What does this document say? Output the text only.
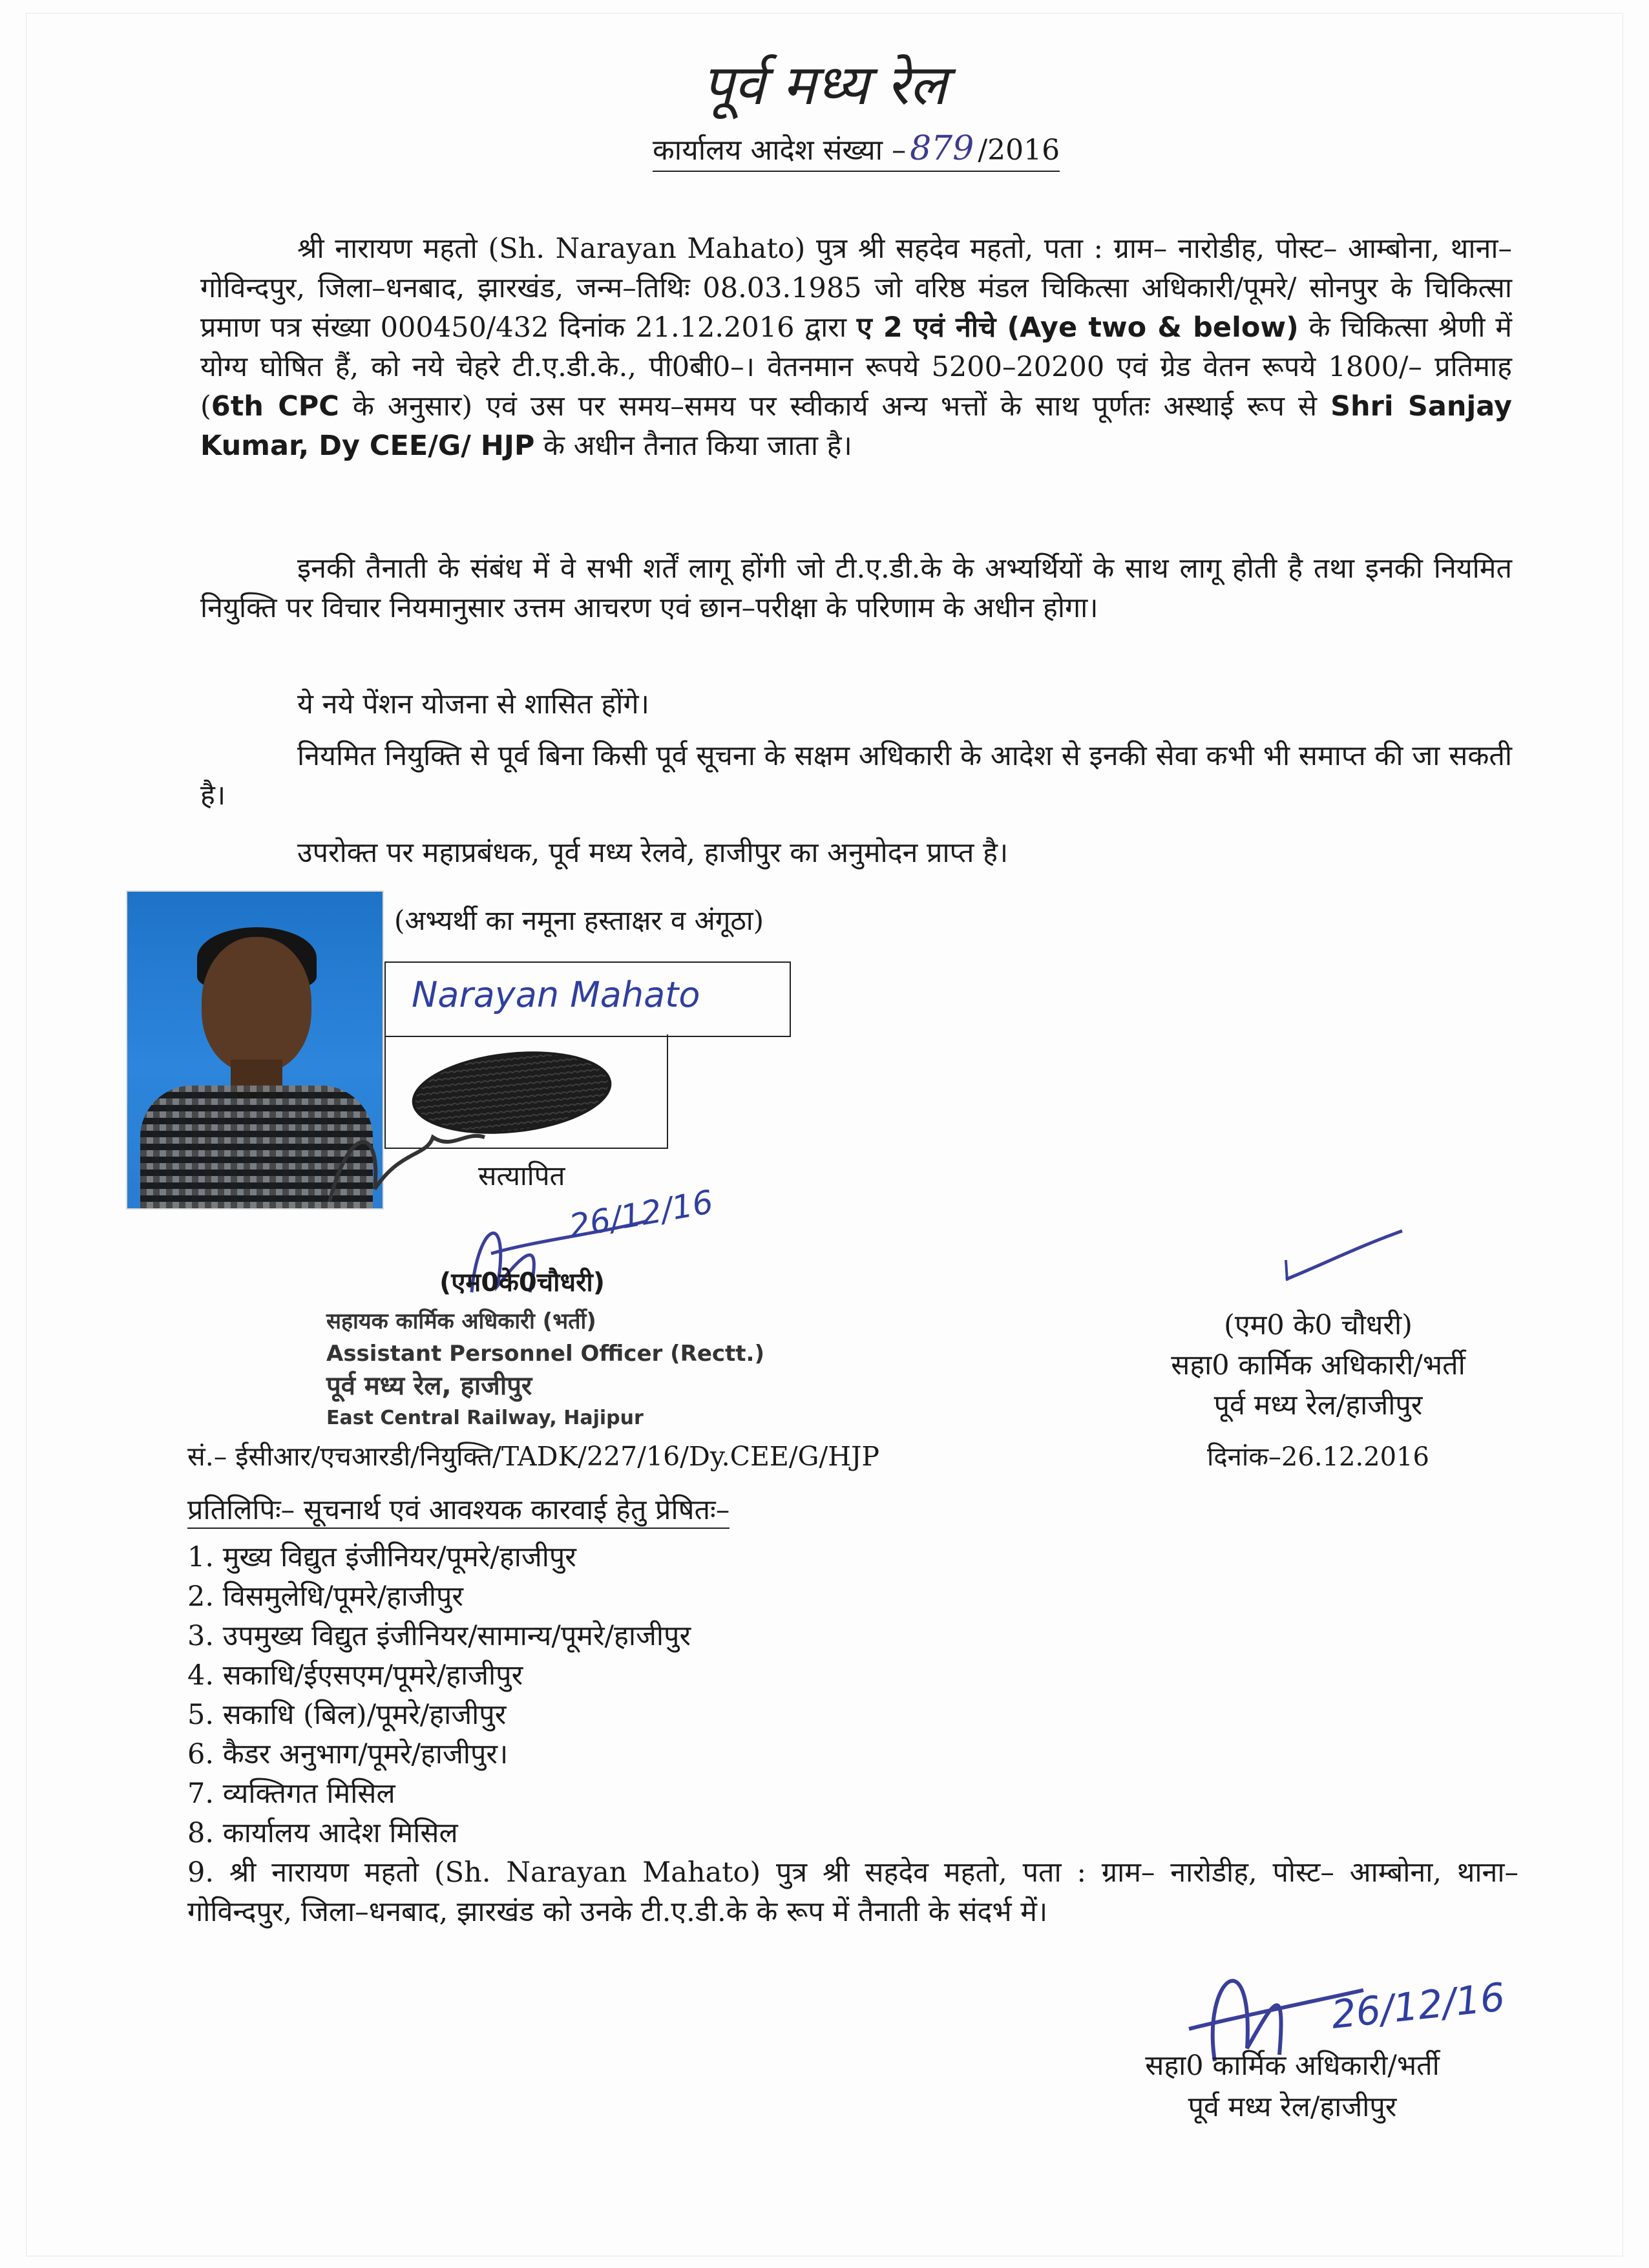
पूर्व मध्य रेल
कार्यालय आदेश संख्या – 879 /2016

श्री नारायण महतो (Sh. Narayan Mahato) पुत्र श्री सहदेव महतो, पता : ग्राम– नारोडीह, पोस्ट– आम्बोना, थाना– गोविन्दपुर, जिला–धनबाद, झारखंड, जन्म–तिथिः 08.03.1985 जो वरिष्ठ मंडल चिकित्सा अधिकारी/पूमरे/ सोनपुर के चिकित्सा प्रमाण पत्र संख्या 000450/432 दिनांक 21.12.2016 द्वारा ए 2 एवं नीचे (Aye two & below) के चिकित्सा श्रेणी में योग्य घोषित हैं, को नये चेहरे टी.ए.डी.के., पी0बी0–। वेतनमान रूपये 5200–20200 एवं ग्रेड वेतन रूपये 1800/– प्रतिमाह (6th CPC के अनुसार) एवं उस पर समय–समय पर स्वीकार्य अन्य भत्तों के साथ पूर्णतः अस्थाई रूप से Shri Sanjay Kumar, Dy CEE/G/ HJP के अधीन तैनात किया जाता है।

इनकी तैनाती के संबंध में वे सभी शर्तें लागू होंगी जो टी.ए.डी.के के अभ्यर्थियों के साथ लागू होती है तथा इनकी नियमित नियुक्ति पर विचार नियमानुसार उत्तम आचरण एवं छान–परीक्षा के परिणाम के अधीन होगा।

ये नये पेंशन योजना से शासित होंगे।

नियमित नियुक्ति से पूर्व बिना किसी पूर्व सूचना के सक्षम अधिकारी के आदेश से इनकी सेवा कभी भी समाप्त की जा सकती है।

उपरोक्त पर महाप्रबंधक, पूर्व मध्य रेलवे, हाजीपुर का अनुमोदन प्राप्त है।

(अभ्यर्थी का नमूना हस्ताक्षर व अंगूठा)
Narayan Mahato
सत्यापित
26/12/16
(एम0के0चौधरी)
सहायक कार्मिक अधिकारी (भर्ती)
Assistant Personnel Officer (Rectt.)
पूर्व मध्य रेल, हाजीपुर
East Central Railway, Hajipur
(एम0 के0 चौधरी)
सहा0 कार्मिक अधिकारी/भर्ती
पूर्व मध्य रेल/हाजीपुर
दिनांक–26.12.2016
सं.– ईसीआर/एचआरडी/नियुक्ति/TADK/227/16/Dy.CEE/G/HJP
प्रतिलिपिः– सूचनार्थ एवं आवश्यक कारवाई हेतु प्रेषितः–
1. मुख्य विद्युत इंजीनियर/पूमरे/हाजीपुर
2. विसमुलेधि/पूमरे/हाजीपुर
3. उपमुख्य विद्युत इंजीनियर/सामान्य/पूमरे/हाजीपुर
4. सकाधि/ईएसएम/पूमरे/हाजीपुर
5. सकाधि (बिल)/पूमरे/हाजीपुर
6. कैडर अनुभाग/पूमरे/हाजीपुर।
7. व्यक्तिगत मिसिल
8. कार्यालय आदेश मिसिल
9. श्री नारायण महतो (Sh. Narayan Mahato) पुत्र श्री सहदेव महतो, पता : ग्राम– नारोडीह, पोस्ट– आम्बोना, थाना– गोविन्दपुर, जिला–धनबाद, झारखंड को उनके टी.ए.डी.के के रूप में तैनाती के संदर्भ में।
26/12/16
सहा0 कार्मिक अधिकारी/भर्ती
पूर्व मध्य रेल/हाजीपुर
